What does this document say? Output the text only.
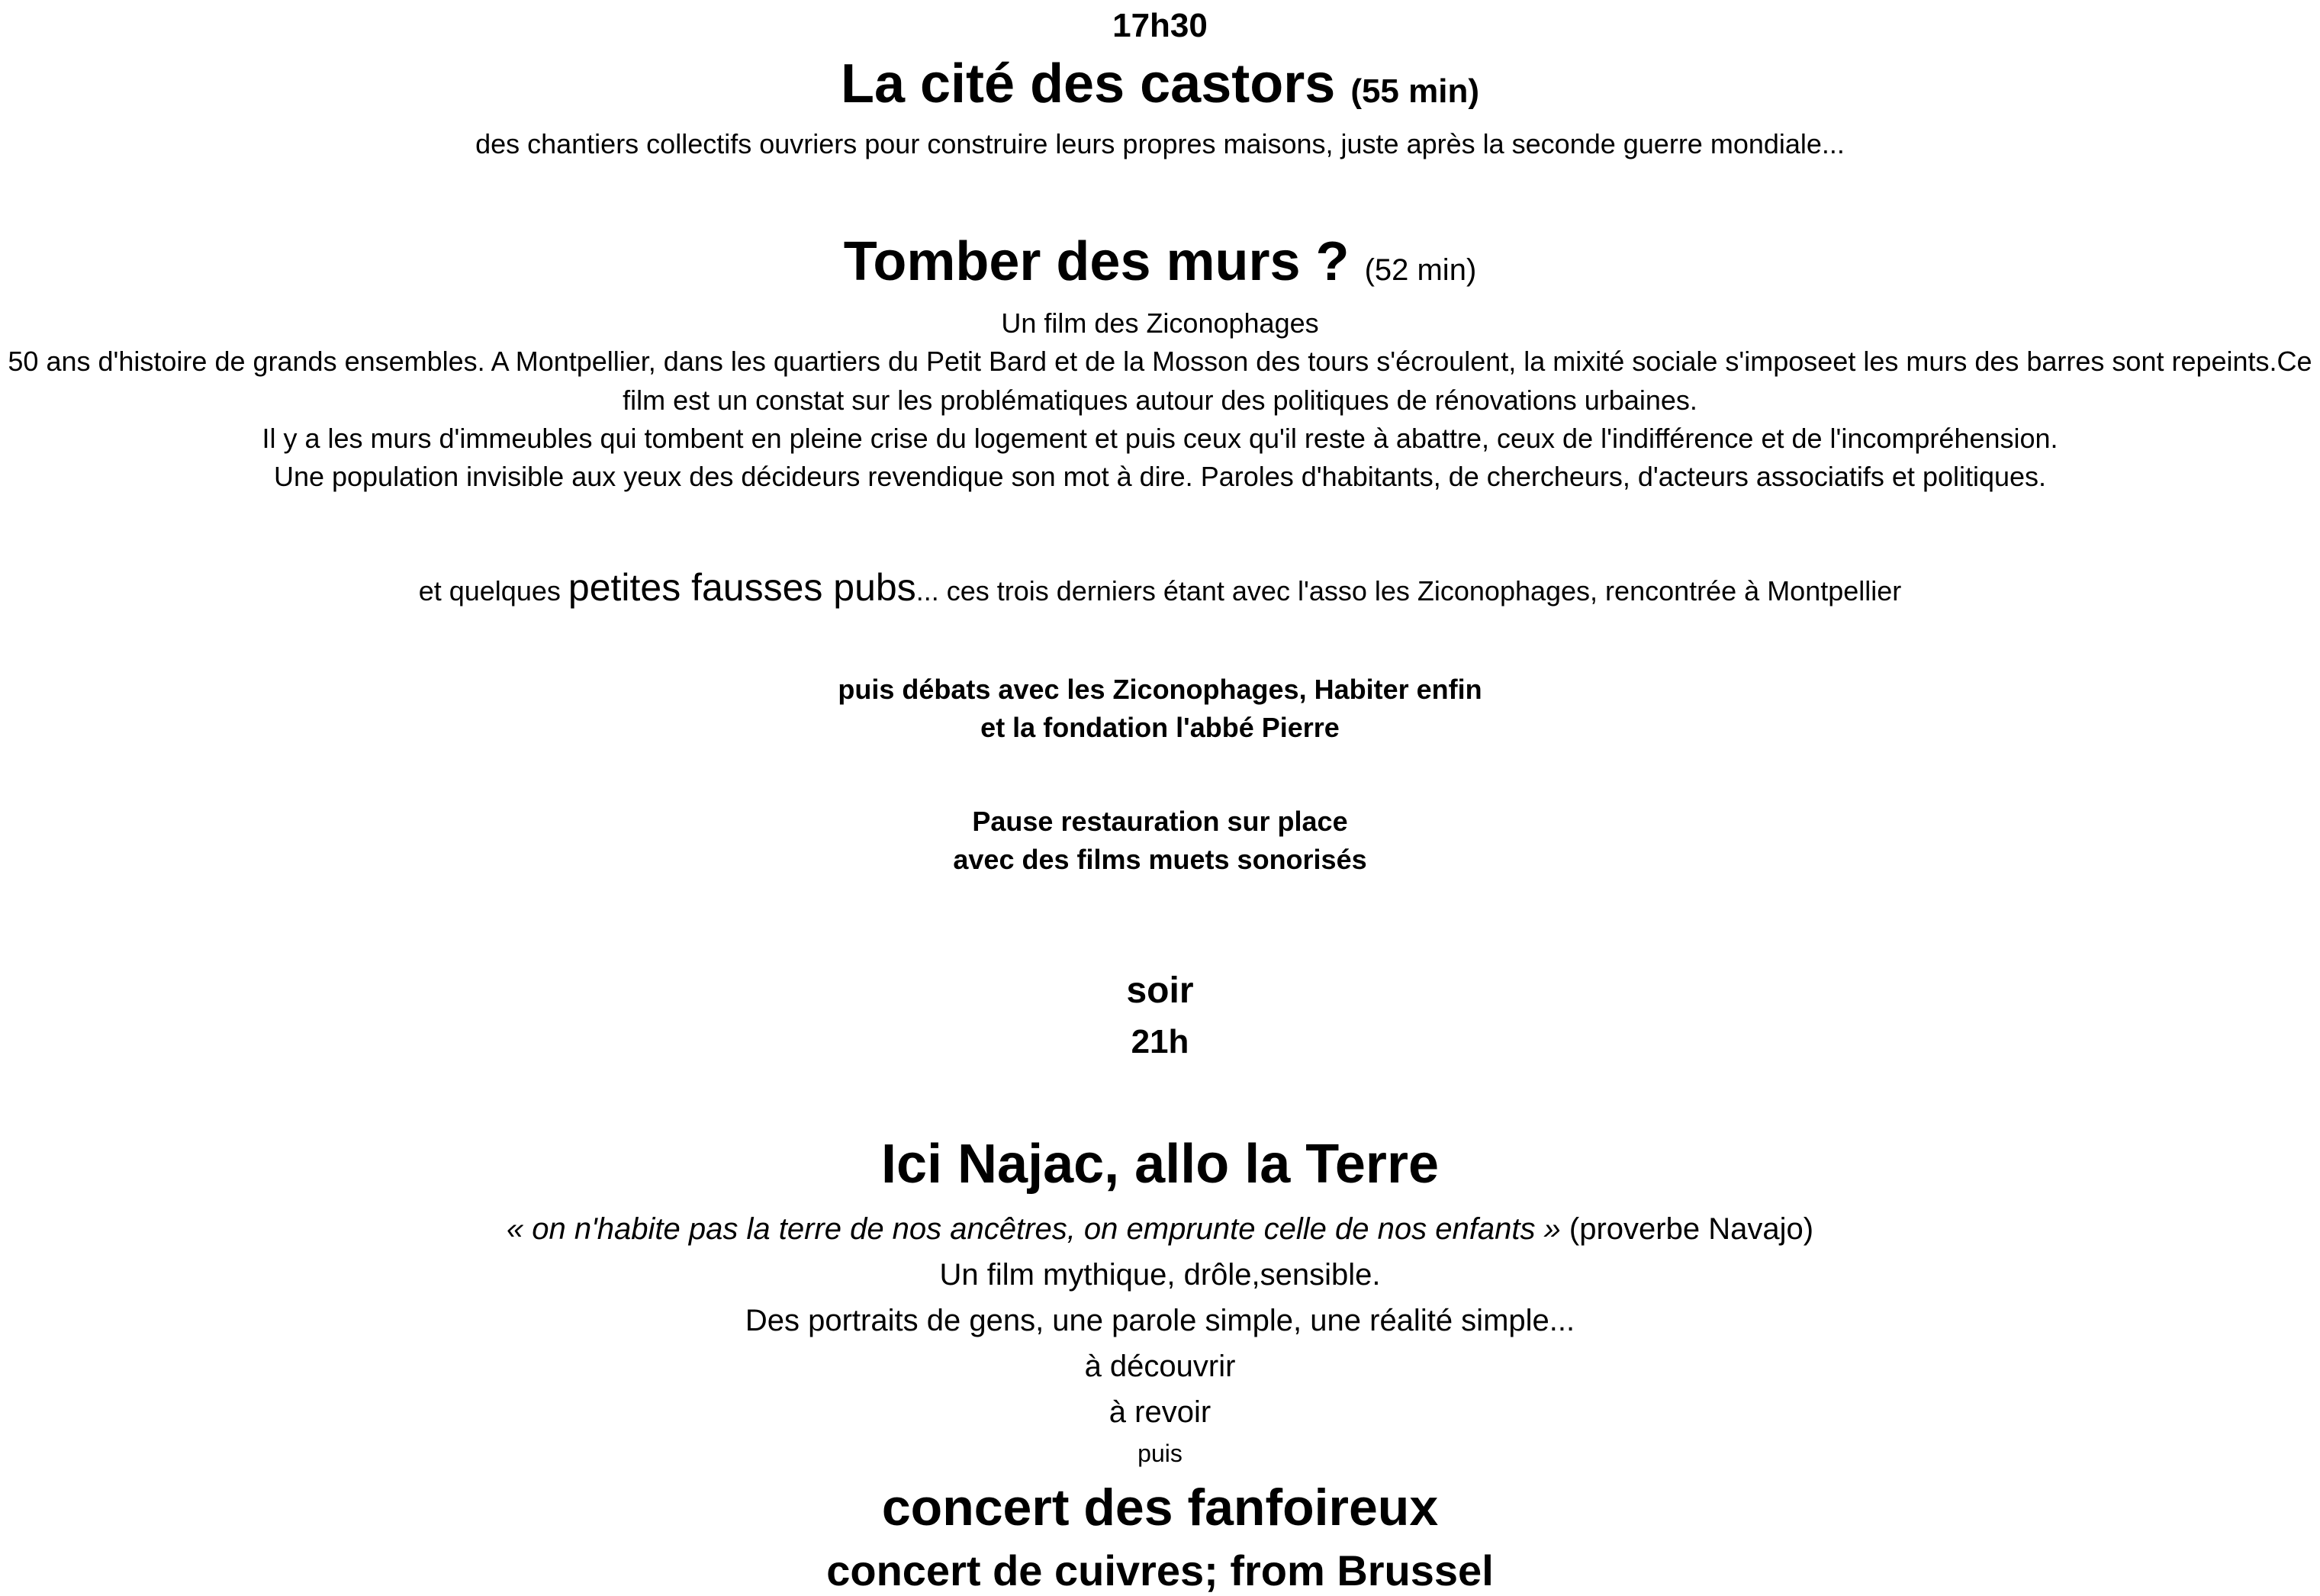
17h30
La cité des castors (55 min)
des chantiers collectifs ouvriers pour construire leurs propres maisons, juste après la seconde guerre mondiale...
Tomber des murs ? (52 min)
Un film des Ziconophages
50 ans d'histoire de grands ensembles. A Montpellier, dans les quartiers du Petit Bard et de la Mosson des tours s'écroulent, la mixité sociale s'imposeet les murs des barres sont repeints.Ce film est un constat sur les problématiques autour des politiques de rénovations urbaines.
Il y a les murs d'immeubles qui tombent en pleine crise du logement et puis ceux qu'il reste à abattre, ceux de l'indifférence et de l'incompréhension.
Une population invisible aux yeux des décideurs revendique son mot à dire. Paroles d'habitants, de chercheurs, d'acteurs associatifs et politiques.
et quelques petites fausses pubs... ces trois derniers étant avec l'asso les Ziconophages, rencontrée à Montpellier
puis débats avec les Ziconophages, Habiter enfin
et la fondation l'abbé Pierre
Pause restauration sur place
avec des films muets sonorisés
soir
21h
Ici Najac, allo la Terre
« on n'habite pas la terre de nos ancêtres, on emprunte celle de nos enfants » (proverbe Navajo)
Un film mythique, drôle,sensible.
Des portraits de gens, une parole simple, une réalité simple...
à découvrir
à revoir
puis
concert des fanfoireux
concert de cuivres; from Brussel
